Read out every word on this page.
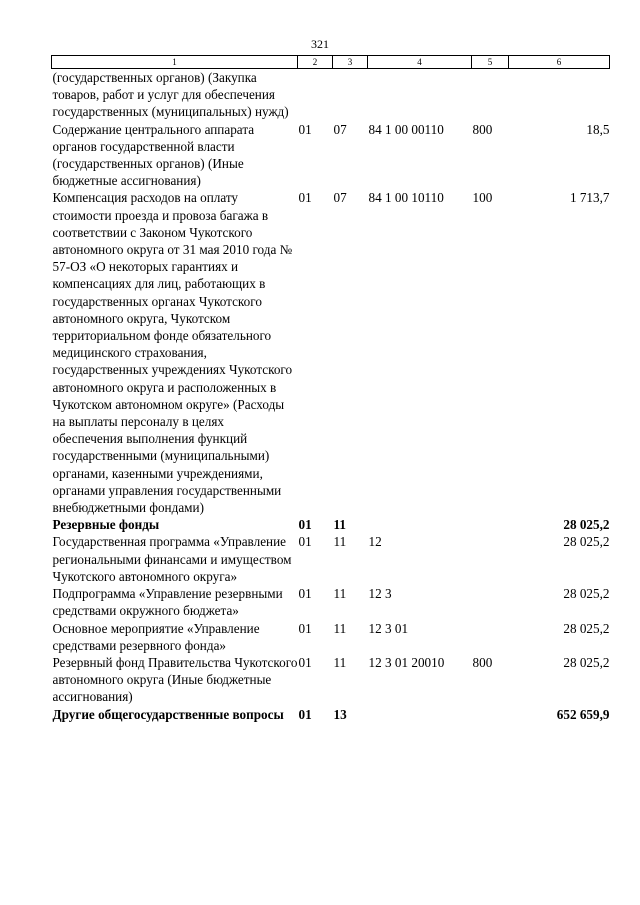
321
1	2	3	4	5	6
(государственных органов) (Закупка товаров, работ и услуг для обеспечения государственных (муниципальных) нужд)					
Содержание центрального аппарата органов государственной власти (государственных органов) (Иные бюджетные ассигнования)	01	07	84 1 00 00110	800	18,5
Компенсация расходов на оплату стоимости проезда и провоза багажа в соответствии с Законом Чукотского автономного округа от 31 мая 2010 года № 57-ОЗ «О некоторых гарантиях и компенсациях для лиц, работающих в государственных органах Чукотского автономного округа, Чукотском территориальном фонде обязательного медицинского страхования, государственных учреждениях Чукотского автономного округа и расположенных в Чукотском автономном округе» (Расходы на выплаты персоналу в целях обеспечения выполнения функций государственными (муниципальными) органами, казенными учреждениями, органами управления государственными внебюджетными фондами)	01	07	84 1 00 10110	100	1 713,7
Резервные фонды	01	11			28 025,2
Государственная программа «Управление региональными финансами и имуществом Чукотского автономного округа»	01	11	12		28 025,2
Подпрограмма «Управление резервными средствами окружного бюджета»	01	11	12 3		28 025,2
Основное мероприятие «Управление средствами резервного фонда»	01	11	12 3 01		28 025,2
Резервный фонд Правительства Чукотского автономного округа (Иные бюджетные ассигнования)	01	11	12 3 01 20010	800	28 025,2
Другие общегосударственные вопросы	01	13			652 659,9
